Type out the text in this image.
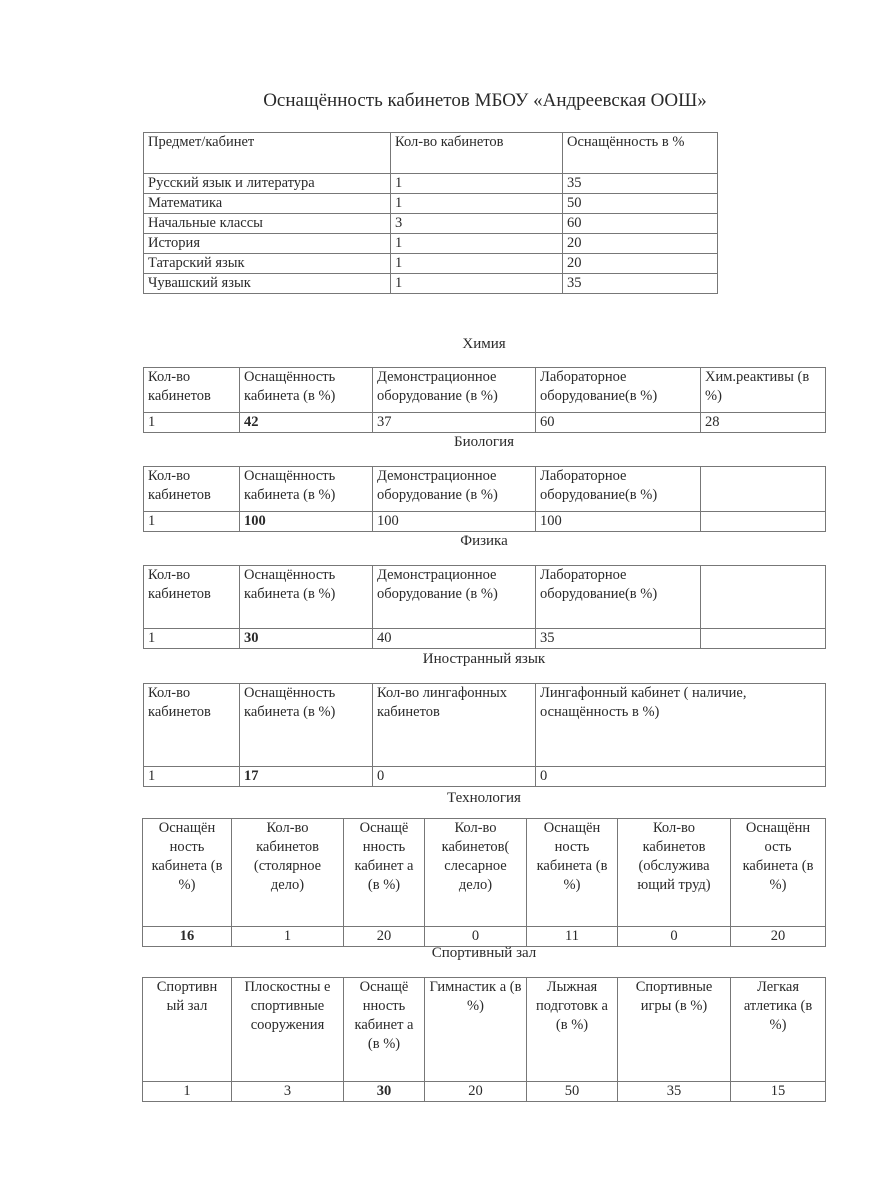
Оснащённость кабинетов МБОУ «Андреевская ООШ»
Предмет/кабинет	Кол-во кабинетов	Оснащённость в %
Русский язык и литература	1	35
Математика	1	50
Начальные классы	3	60
История	1	20
Татарский язык	1	20
Чувашский язык	1	35
Химия
Кол-во кабинетов	Оснащённость кабинета (в %)	Демонстрационное оборудование (в %)	Лабораторное оборудование(в %)	Хим.реактивы (в %)
1	42	37	60	28
Биология
Кол-во кабинетов	Оснащённость кабинета (в %)	Демонстрационное оборудование (в %)	Лабораторное оборудование(в %)	
1	100	100	100	
Физика
Кол-во кабинетов	Оснащённость кабинета (в %)	Демонстрационное оборудование (в %)	Лабораторное оборудование(в %)	
1	30	40	35	
Иностранный язык
Кол-во кабинетов	Оснащённость кабинета (в %)	Кол-во лингафонных кабинетов	Лингафонный кабинет ( наличие, оснащённость в %)
1	17	0	0
Технология
Оснащён ность кабинета (в %)	Кол-во кабинетов (столярное дело)	Оснащё нность кабинет а (в %)	Кол-во кабинетов( слесарное дело)	Оснащён ность кабинета (в %)	Кол-во кабинетов (обслужива ющий труд)	Оснащённ ость кабинета (в %)
16	1	20	0	11	0	20
Спортивный зал
Спортивн ый зал	Плоскостны е спортивные сооружения	Оснащё нность кабинет а (в %)	Гимнастик а (в %)	Лыжная подготовк а (в %)	Спортивные игры (в %)	Легкая атлетика (в %)
1	3	30	20	50	35	15
